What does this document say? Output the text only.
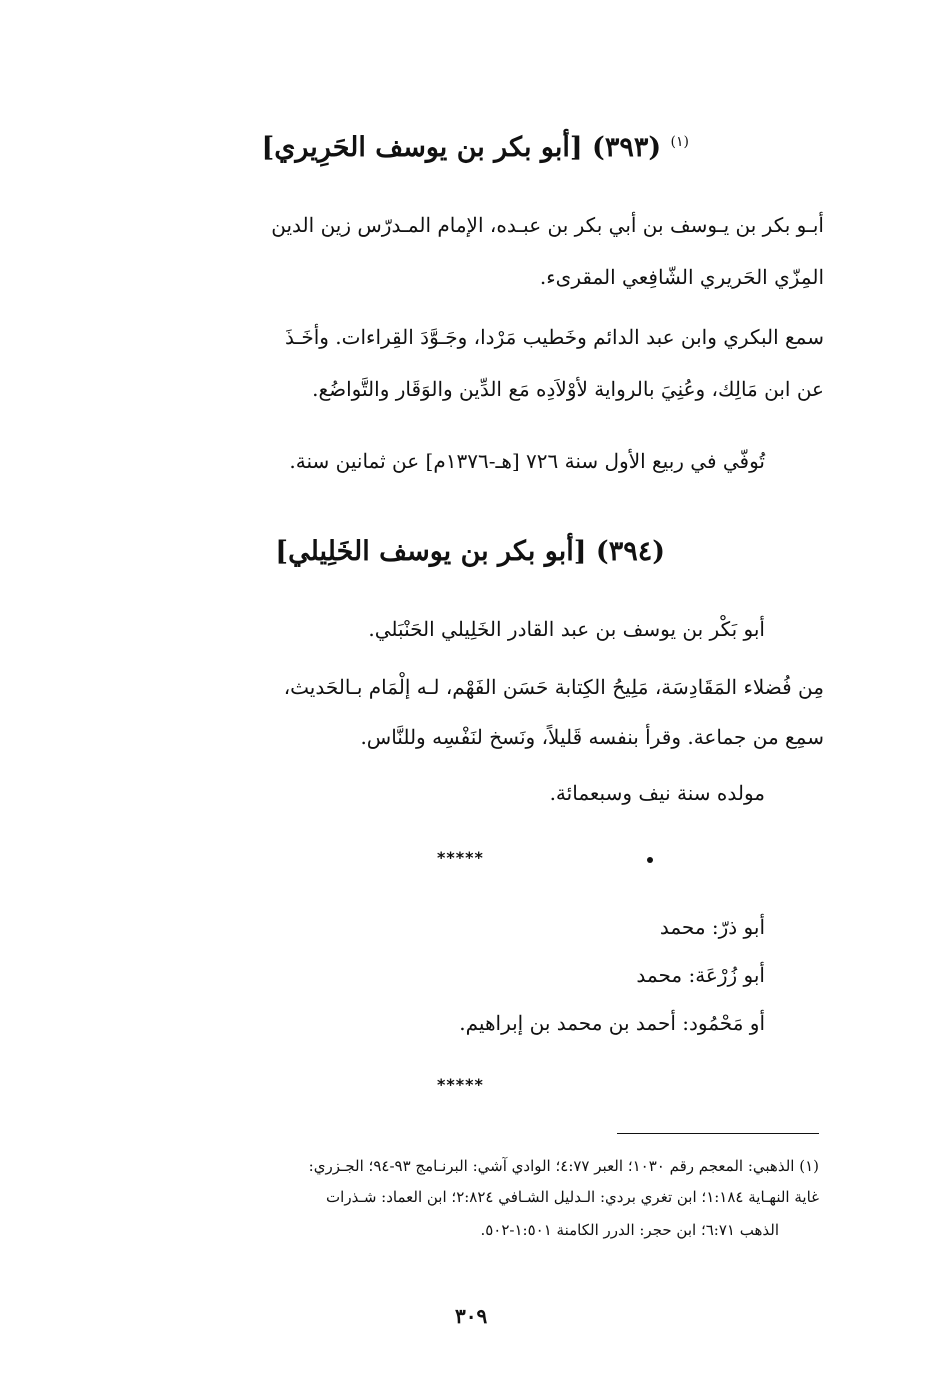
$^{(١)}$ (٣٩٣) [أبو بكر بن يوسف الحَرِيري]
أبـو بكر بن يـوسف بن أبي بكر بن عبـده، الإمام المـدرّس زين الدين
المِزّي الحَريري الشّافِعي المقرىء.
سمع البكري وابن عبد الدائم وخَطيب مَرْدا، وجَـوَّدَ القِراءات. وأخَـذَ
عن ابن مَالِك، وعُنِيَ بالرواية لأوْلاَدِه مَع الدِّين والوَقَار والتَّواضُع.
تُوفّي في ربيع الأول سنة ٧٢٦ [هـ-١٣٧٦م] عن ثمانين سنة.
(٣٩٤) [أبو بكر بن يوسف الخَلِيلي]
أبو بَكْر بن يوسف بن عبد القادر الخَلِيلي الحَنْبَلي.
مِن فُضلاء المَقَادِسَة، مَلِيحُ الكِتابة حَسَن الفَهْم، لـه إلْمَام بـالحَديث،
سمِع من جماعة. وقرأ بنفسه قَليلاً، ونَسخ لنَفْسِه وللنَّاس.
مولده سنة نيف وسبعمائة.
*****
أبو ذرّ: محمد
أبو زُرْعَة: محمد
أو مَحْمُود: أحمد بن محمد بن إبراهيم.
*****
(١) الذهبي: المعجم رقم ١٠٣٠؛ العبر ٤:٧٧؛ الوادي آشي: البرنـامج ٩٣-٩٤؛ الجـزري:
غاية النهـاية ١:١٨٤؛ ابن تغري بردي: الـدليل الشـافي ٢:٨٢٤؛ ابن العماد: شـذرات
الذهب ٦:٧١؛ ابن حجر: الدرر الكامنة ١:٥٠١-٥٠٢.
٣٠٩
